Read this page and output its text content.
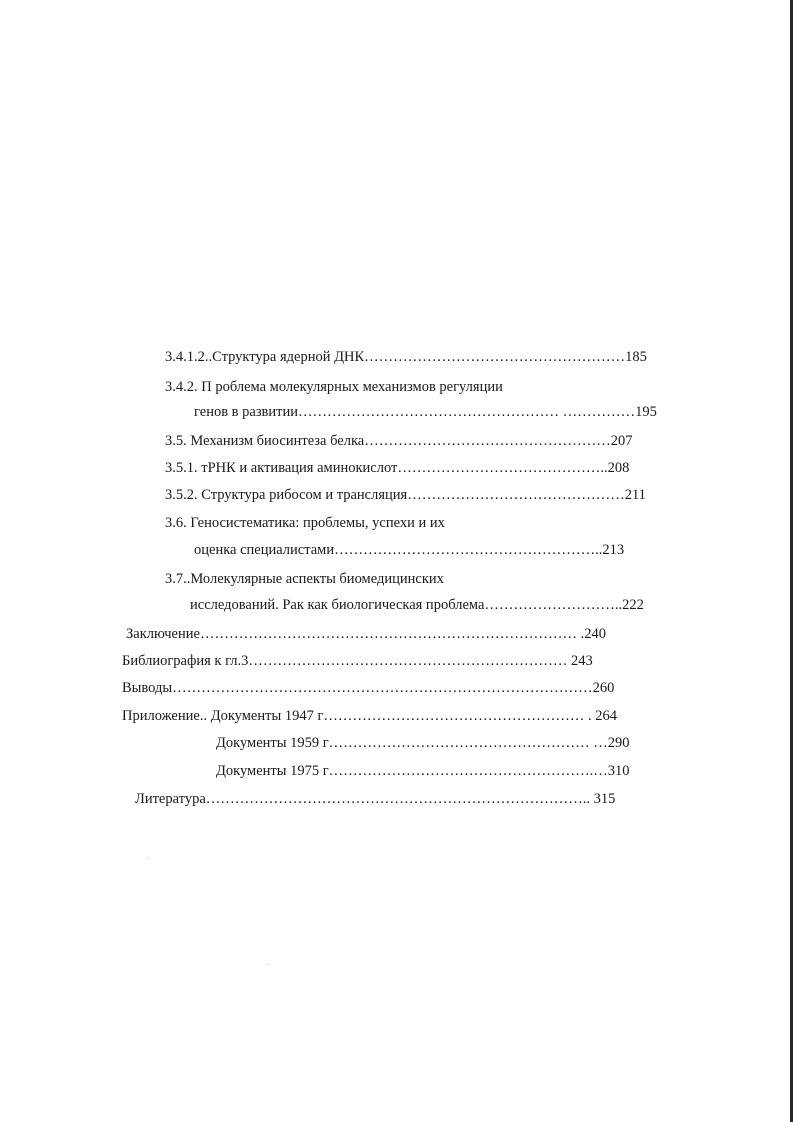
3.4.1.2..Структура ядерной ДНК………………………………………………185
3.4.2. П роблема молекулярных механизмов регуляции
генов в развитии……………………………………………… ……………195
3.5. Механизм биосинтеза белка……………………………………………207
3.5.1. тРНК и активация аминокислот……………………………………..208
3.5.2. Структура рибосом и трансляция………………………………………211
3.6. Геносистематика: проблемы, успехи и их
оценка специалистами………………………………………………..213
3.7..Молекулярные аспекты биомедицинских
исследований. Рак как биологическая проблема………………………..222
Заключение…………………………………………………………………… .240
Библиография к гл.3………………………………………………………… 243
Выводы……………………………………………………………………………260
Приложение.. Документы 1947 г……………………………………………… . 264
Документы 1959 г……………………………………………… …290
Документы 1975 г……………………………………………….…310
Литература…………………………………………………………………….. 315
